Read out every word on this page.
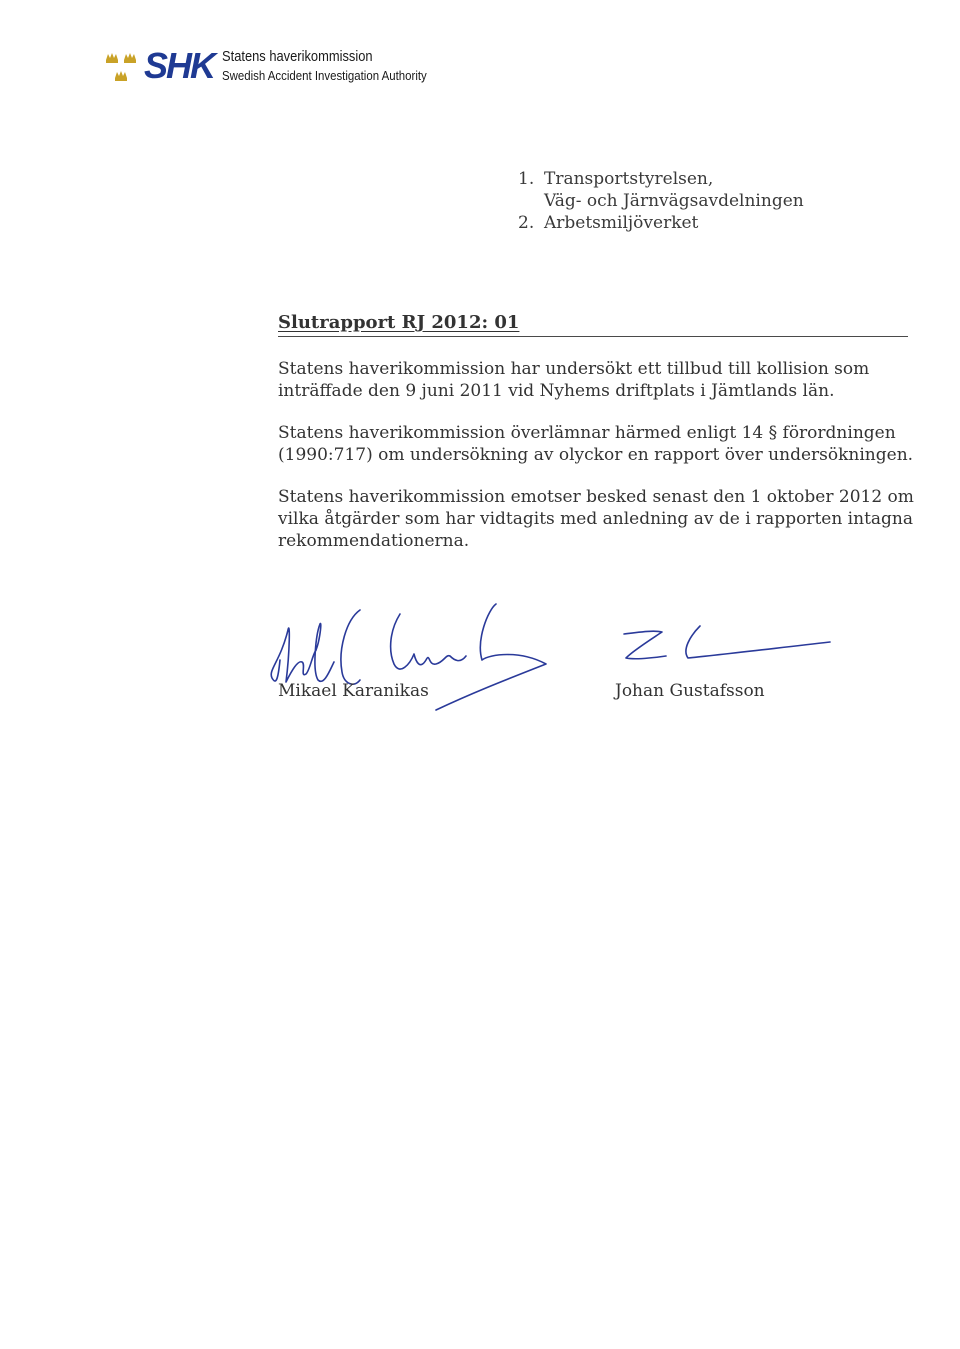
SHK Statens haverikommission
Swedish Accident Investigation Authority
1. Transportstyrelsen,
Väg- och Järnvägsavdelningen
2. Arbetsmiljöverket
Slutrapport RJ 2012: 01

Statens haverikommission har undersökt ett tillbud till kollision som inträffade den 9 juni 2011 vid Nyhems driftplats i Jämtlands län.

Statens haverikommission överlämnar härmed enligt 14 § förordningen (1990:717) om undersökning av olyckor en rapport över undersökningen.

Statens haverikommission emotser besked senast den 1 oktober 2012 om vilka åtgärder som har vidtagits med anledning av de i rapporten intagna rekommendationerna.

Mikael Karanikas	Johan Gustafsson
